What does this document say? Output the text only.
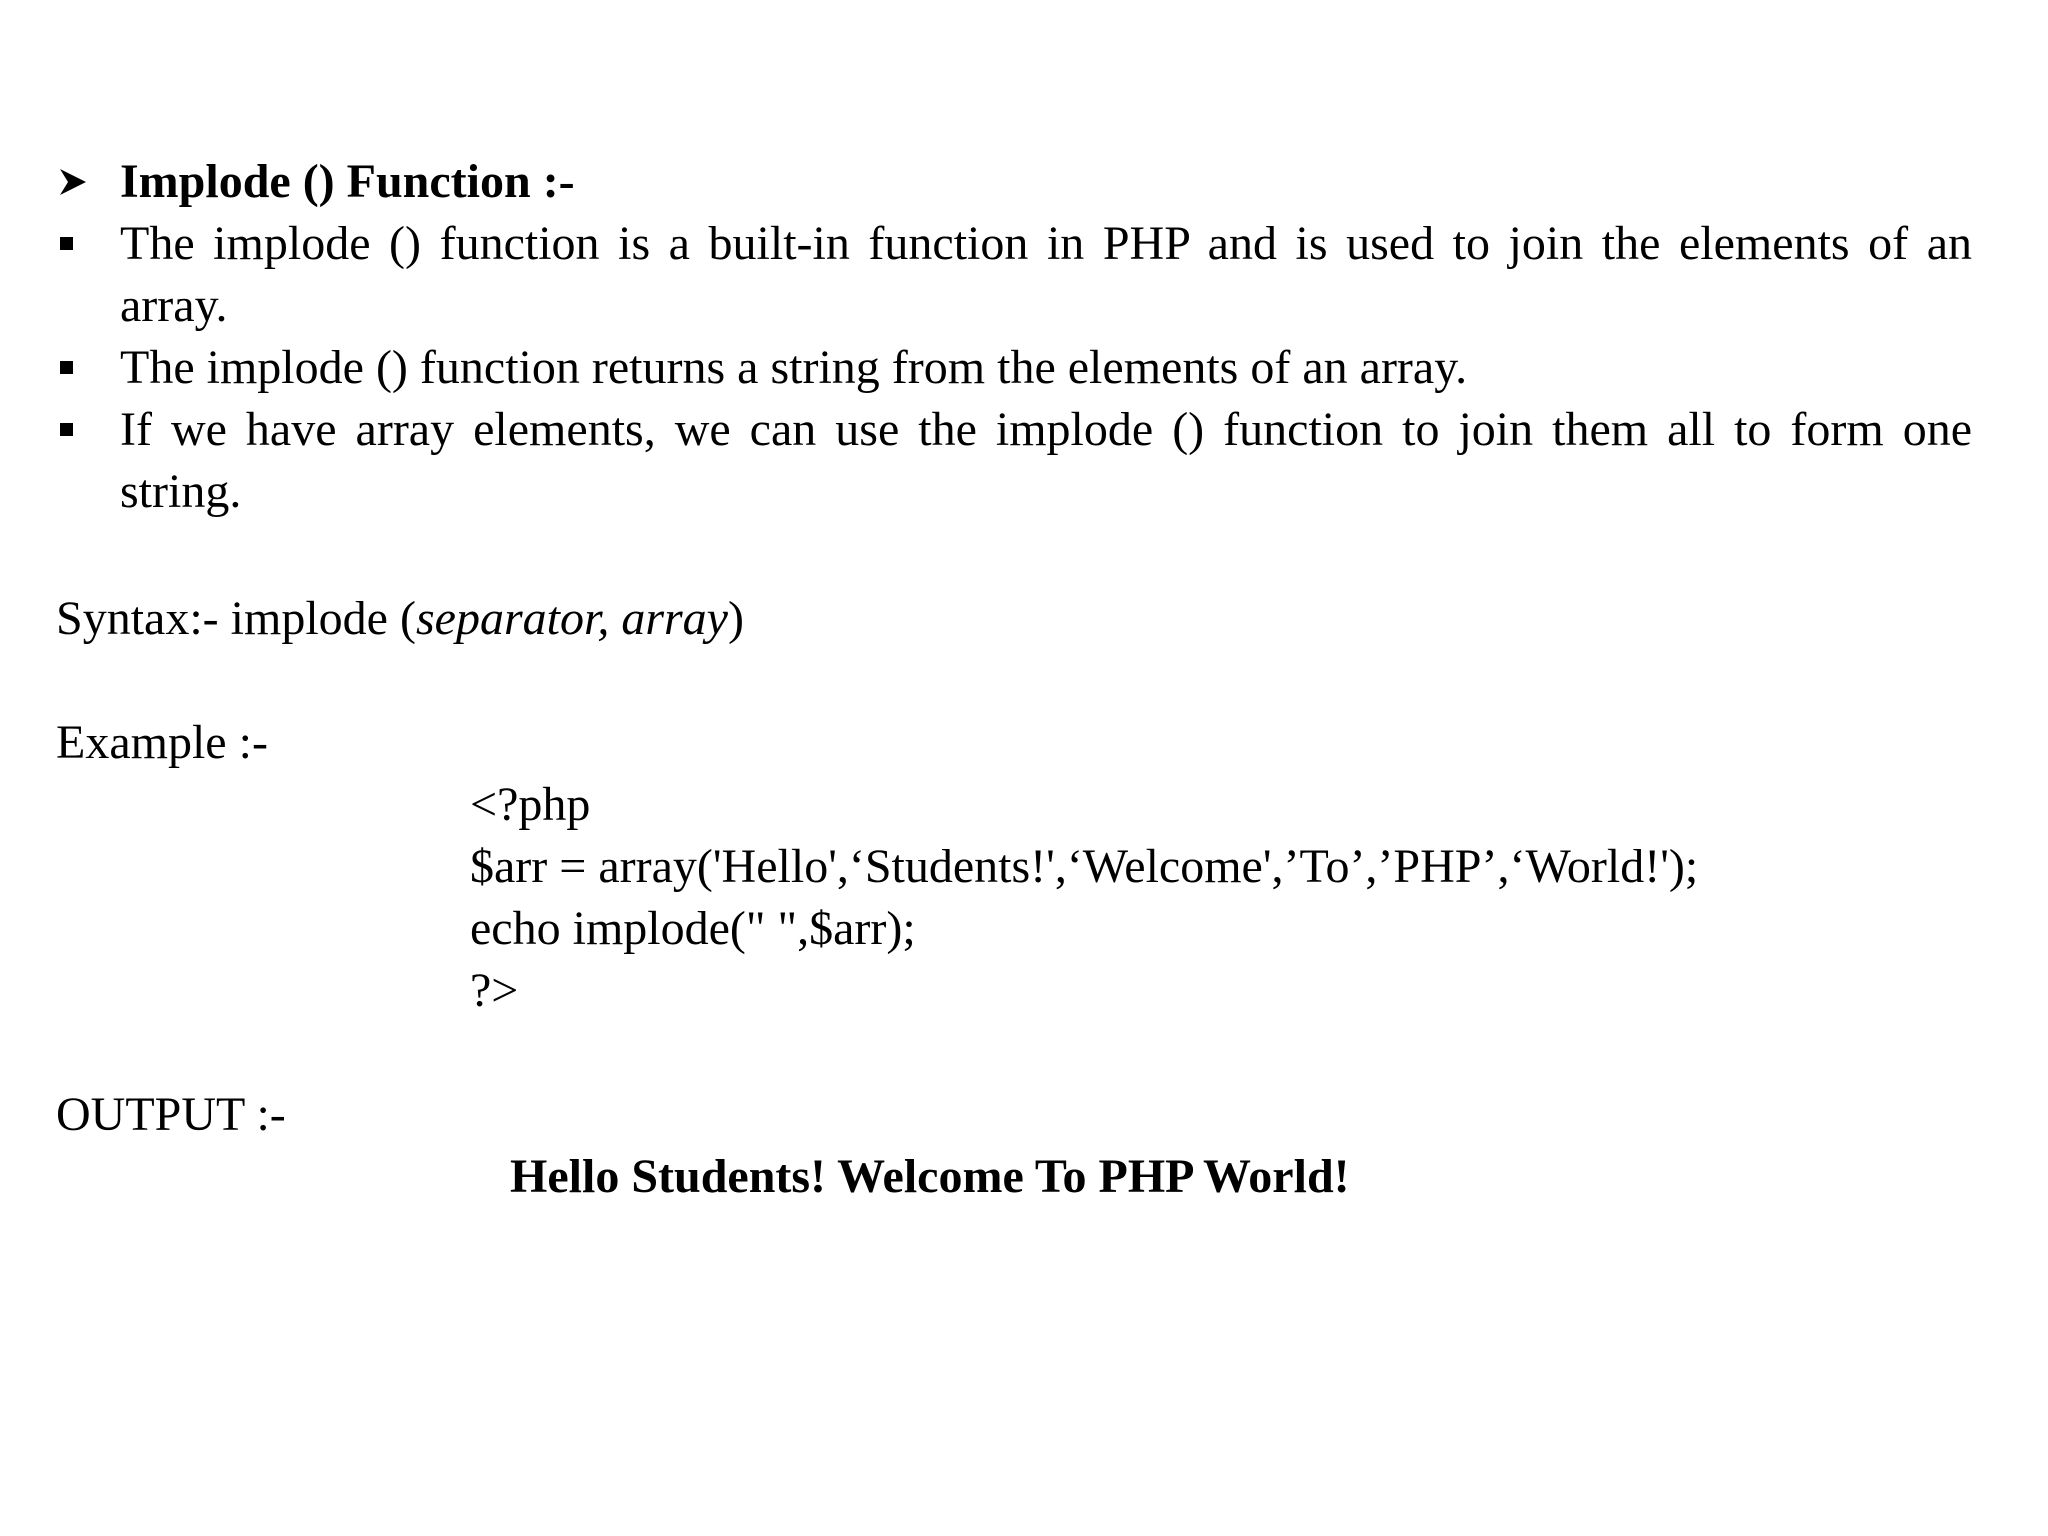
Implode () Function :-
The implode () function is a built-in function in PHP and is used to join the elements of an array.
The implode () function returns a string from the elements of an array.
If we have array elements, we can use the implode () function to join them all to form one string.
Syntax:- implode (separator, array)
Example :-
<?php
$arr = array('Hello',‘Students!',‘Welcome',’To’,’PHP’,‘World!');
echo implode(" ",$arr);
?>
OUTPUT :-
Hello Students! Welcome To PHP World!
